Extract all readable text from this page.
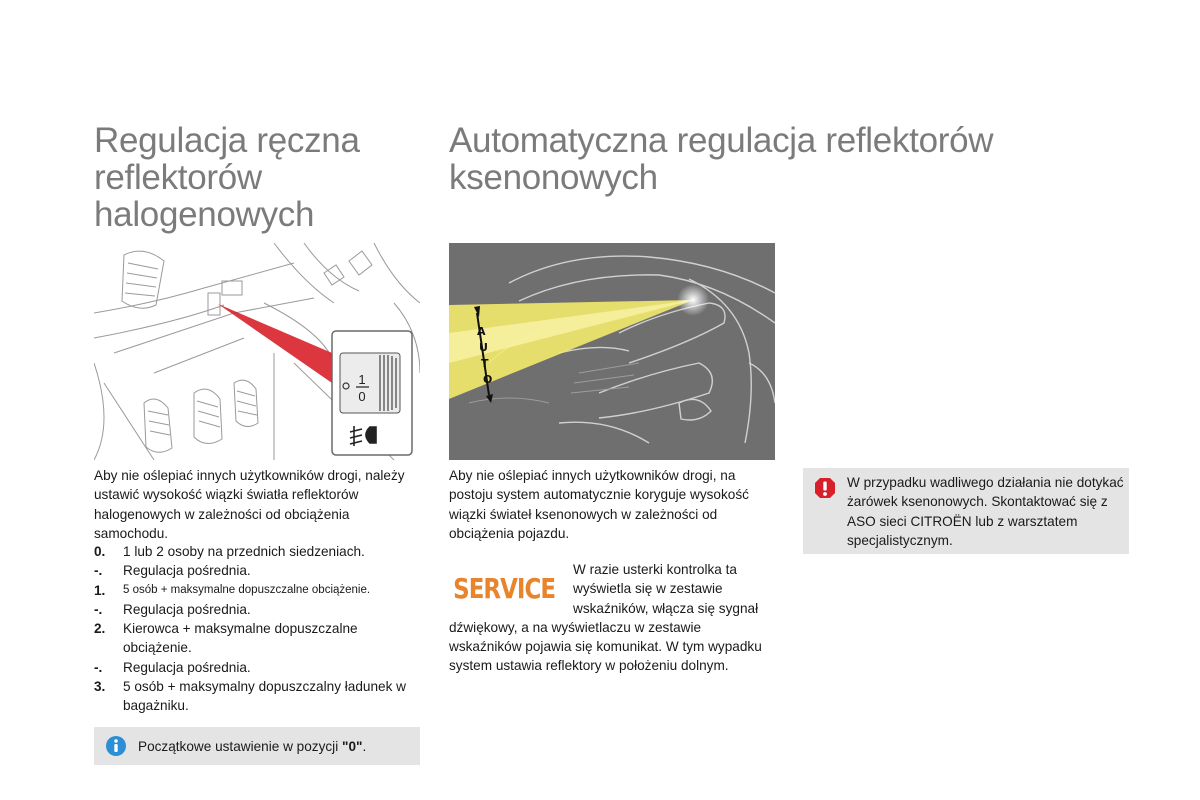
Regulacja ręczna reflektorów halogenowych
1
0
Aby nie oślepiać innych użytkowników drogi, należy ustawić wysokość wiązki światła reflektorów halogenowych w zależności od obciążenia samochodu.
0.	1 lub 2 osoby na przednich siedzeniach.
-.	Regulacja pośrednia.
1.	5 osób + maksymalne dopuszczalne obciążenie.
-.	Regulacja pośrednia.
2.	Kierowca + maksymalne dopuszczalne obciążenie.
-.	Regulacja pośrednia.
3.	5 osób + maksymalny dopuszczalny ładunek w bagażniku.
Początkowe ustawienie w pozycji "0".
Automatyczna regulacja reflektorów ksenonowych
A
U
T
O
Aby nie oślepiać innych użytkowników drogi, na postoju system automatycznie koryguje wysokość wiązki świateł ksenonowych w zależności od obciążenia pojazdu.
SERVICE
W razie usterki kontrolka ta wyświetla się w zestawie wskaźników, włącza się sygnał dźwiękowy, a na wyświetlaczu w zestawie wskaźników pojawia się komunikat. W tym wypadku system ustawia reflektory w położeniu dolnym.
W przypadku wadliwego działania nie dotykać żarówek ksenonowych. Skontaktować się z ASO sieci CITROËN lub z warsztatem specjalistycznym.
